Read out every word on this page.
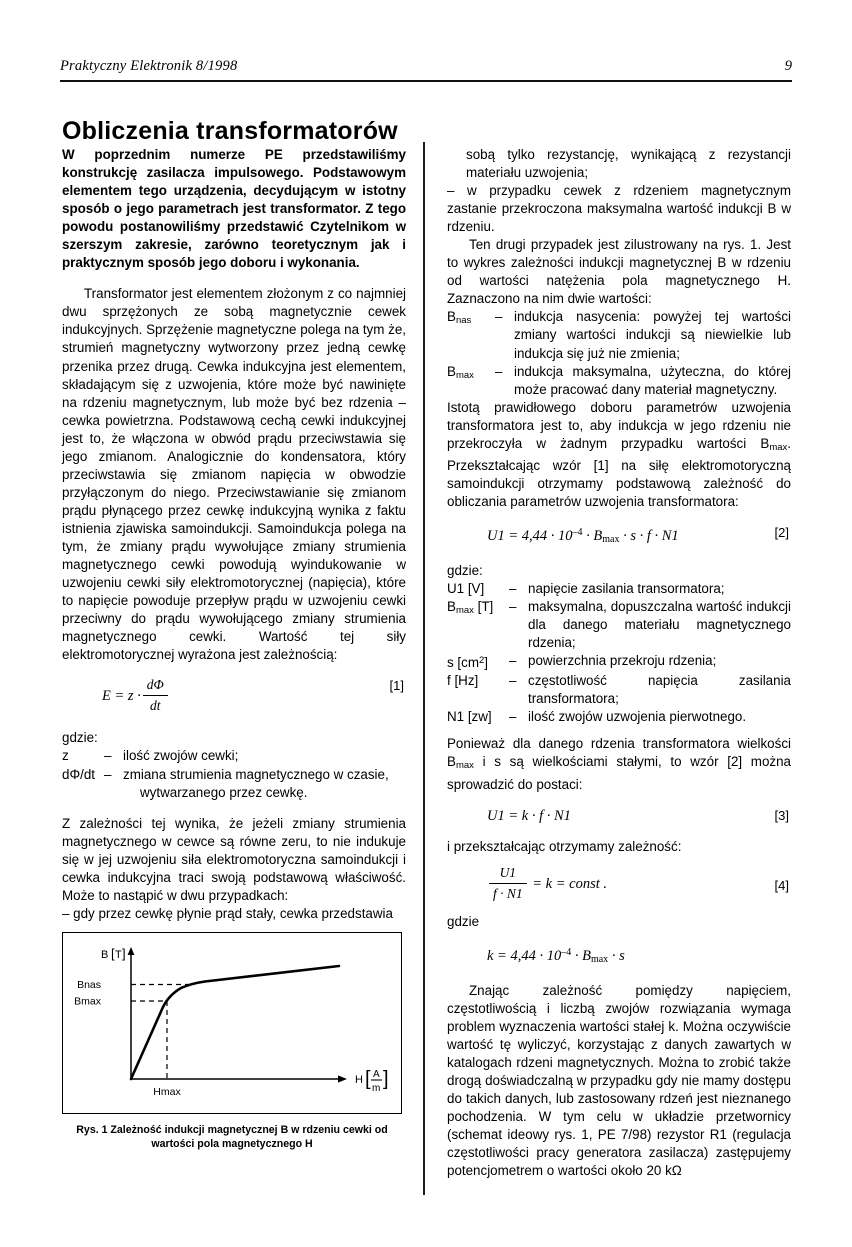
Praktyczny Elektronik 8/1998	9
Obliczenia transformatorów

W poprzednim numerze PE przedstawiliśmy konstrukcję zasilacza impulsowego. Podstawowym elementem tego urządzenia, decydującym w istotny sposób o jego parametrach jest transformator. Z tego powodu postanowiliśmy przedstawić Czytelnikom w szerszym zakresie, zarówno teoretycznym jak i praktycznym sposób jego doboru i wykonania.

Transformator jest elementem złożonym z co najmniej dwu sprzężonych ze sobą magnetycznie cewek indukcyjnych. Sprzężenie magnetyczne polega na tym że, strumień magnetyczny wytworzony przez jedną cewkę przenika przez drugą. Cewka indukcyjna jest elementem, składającym się z uzwojenia, które może być nawinięte na rdzeniu magnetycznym, lub może być bez rdzenia – cewka powietrzna. Podstawową cechą cewki indukcyjnej jest to, że włączona w obwód prądu przeciwstawia się jego zmianom. Analogicznie do kondensatora, który przeciwstawia się zmianom napięcia w obwodzie przyłączonym do niego. Przeciwstawianie się zmianom prądu płynącego przez cewkę indukcyjną wynika z faktu istnienia zjawiska samoindukcji. Samoindukcja polega na tym, że zmiany prądu wywołujące zmiany strumienia magnetycznego cewki powodują wyindukowanie w uzwojeniu cewki siły elektromotorycznej (napięcia), które to napięcie powoduje przepływ prądu w uzwojeniu cewki przeciwny do prądu wywołującego zmiany strumienia magnetycznego cewki. Wartość tej siły elektromotorycznej wyrażona jest zależnością:

$E = z \cdot \frac{d\Phi}{dt}$	[1]

gdzie:

z	– ilość zwojów cewki;
dΦ/dt – zmiana strumienia magnetycznego w czasie,
wytwarzanego przez cewkę.

Z zależności tej wynika, że jeżeli zmiany strumienia magnetycznego w cewce są równe zeru, to nie indukuje się w jej uzwojeniu siła elektromotoryczna samoindukcji i cewka indukcyjna traci swoją podstawową właściwość. Może to nastąpić w dwu przypadkach:

– gdy przez cewkę płynie prąd stały, cewka przedstawia

sobą tylko rezystancję, wynikającą z rezystancji materiału uzwojenia;

– w przypadku cewek z rdzeniem magnetycznym zastanie przekroczona maksymalna wartość indukcji B w rdzeniu.

Ten drugi przypadek jest zilustrowany na rys. 1. Jest to wykres zależności indukcji magnetycznej B w rdzeniu od wartości natężenia pola magnetycznego H. Zaznaczono na nim dwie wartości:

$B_{nas}$	– indukcja nasycenia: powyżej tej wartości zmiany wartości indukcji są niewielkie lub indukcja się już nie zmienia;
$B_{max}$	– indukcja maksymalna, użyteczna, do której może pracować dany materiał magnetyczny.

Istotą prawidłowego doboru parametrów uzwojenia transformatora jest to, aby indukcja w jego rdzeniu nie przekroczyła w żadnym przypadku wartości $B_{max}$. Przekształcając wzór [1] na siłę elektromotoryczną samoindukcji otrzymamy podstawową zależność do obliczania parametrów uzwojenia transformatora:

$U1 = 4,44 \cdot 10^{-4} \cdot Bmax \cdot s \cdot f \cdot N1$	[2]

gdzie:

U1 [V]	– napięcie zasilania transormatora;
$B_{max}$ [T]	– maksymalna, dopuszczalna wartość indukcji dla danego materiału magnetycznego rdzenia;
s $[cm^2]$	– powierzchnia przekroju rdzenia;
f [Hz]	– częstotliwość napięcia zasilania transformatora;
N1 [zw]	– ilość zwojów uzwojenia pierwotnego.

Ponieważ dla danego rdzenia transformatora wielkości $B_{max}$ i s są wielkościami stałymi, to wzór [2] można sprowadzić do postaci:

U1 = k · f · N1	[3]

i przekształcając otrzymamy zależność:

$\frac{U1}{f \cdot N1} = k$ = const .	[4]

gdzie

$k = 4,44 \cdot 10^{-4} \cdot Bmax \cdot s$

Znając zależność pomiędzy napięciem, częstotliwością i liczbą zwojów rozwiązania wymaga problem wyznaczenia wartości stałej k. Można oczywiście wartość tę wyliczyć, korzystając z danych zawartych w katalogach rdzeni magnetycznych. Można to zrobić także drogą doświadczalną w przypadku gdy nie mamy dostępu do takich danych, lub zastosowany rdzeń jest nieznanego pochodzenia. W tym celu w układzie przetwornicy (schemat ideowy rys. 1, PE 7/98) rezystor R1 (regulacja częstotliwości pracy generatora zasilacza) zastępujemy potencjometrem o wartości około 20 kΩ

B [ T ]
Bnas
Bmax
Hmax
H [ A
m ]
Rys. 1 Zależność indukcji magnetycznej B w rdzeniu cewki od wartości pola magnetycznego H
